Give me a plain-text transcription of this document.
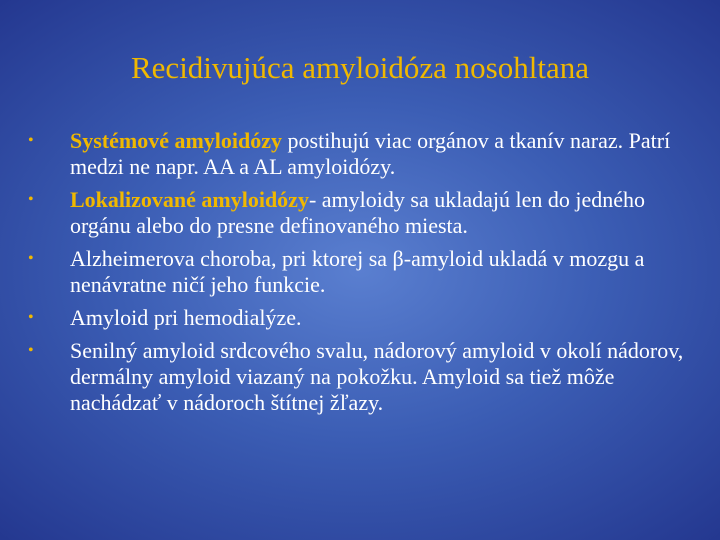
Recidivujúca amyloidóza nosohltana
• Systémové amyloidózy postihujú viac orgánov a tkanív naraz. Patrí medzi ne napr. AA a AL amyloidózy.
• Lokalizované amyloidózy- amyloidy sa ukladajú len do jedného orgánu alebo do presne definovaného miesta.
• Alzheimerova choroba, pri ktorej sa β-amyloid ukladá v mozgu a nenávratne ničí jeho funkcie.
• Amyloid pri hemodialýze.
• Senilný amyloid srdcového svalu, nádorový amyloid v okolí nádorov, dermálny amyloid viazaný na pokožku. Amyloid sa tiež môže nachádzať v nádoroch štítnej žľazy.
